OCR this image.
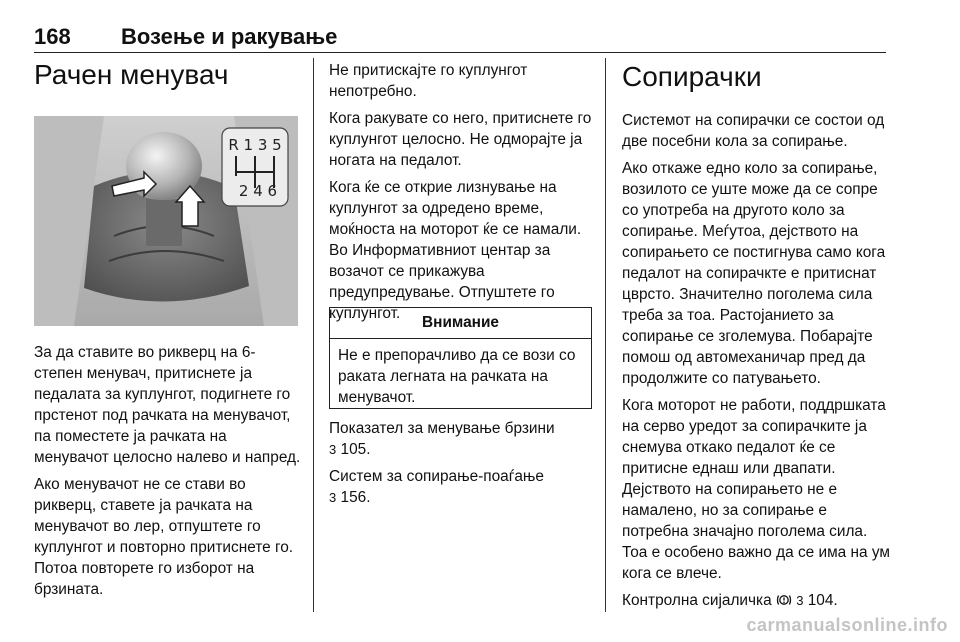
168 Возење и ракување
Рачен менувач
R 1 3 5
2 4 6

За да ставите во рикверц на 6-степен менувач, притиснете ја педалата за куплунгот, подигнете го прстенот под рачката на менувачот, па поместете ја рачката на менувачот целосно налево и напред.

Ако менувачот не се стави во рикверц, ставете ја рачката на менувачот во лер, отпуштете го куплунгот и повторно притиснете го. Потоа повторете го изборот на брзината.

Не притискајте го куплунгот непотребно.

Кога ракувате со него, притиснете го куплунгот целосно. Не одмораjте ја ногата на педалот.

Кога ќе се открие лизнување на куплунгот за одредено време, моќноста на моторот ќе се намали. Во Информативниот центар за возачот се прикажува предупредување. Отпуштете го куплунгот.

Внимание
Не е препорачливо да се вози со раката легната на рачката на менувачот.

Показател за менување брзини
3 105.

Систем за сопирање-поаѓање
3 156.

Сопирачки

Системот на сопирачки се состои од две посебни кола за сопирање.

Ако откаже едно коло за сопирање, возилото се уште може да се сопре со употреба на другото коло за сопирање. Меѓутоа, дејството на сопирањето се постигнува само кога педалот на сопирачкте е притиснат цврсто. Значително поголема сила треба за тоа. Растојанието за сопирање се зголемува. Побарајте помош од автомеханичар пред да продолжите со патувањето.

Кога моторот не работи, поддршката на серво уредот за сопирачките ја снемува откако педалот ќе се притисне еднаш или двапати. Дејството на сопирањето не е намалено, но за сопирање е потребна значајно поголема сила. Тоа е особено важно да се има на ум кога се влече.

Контролна сијаличка 3 104.

carmanualsonline.info
